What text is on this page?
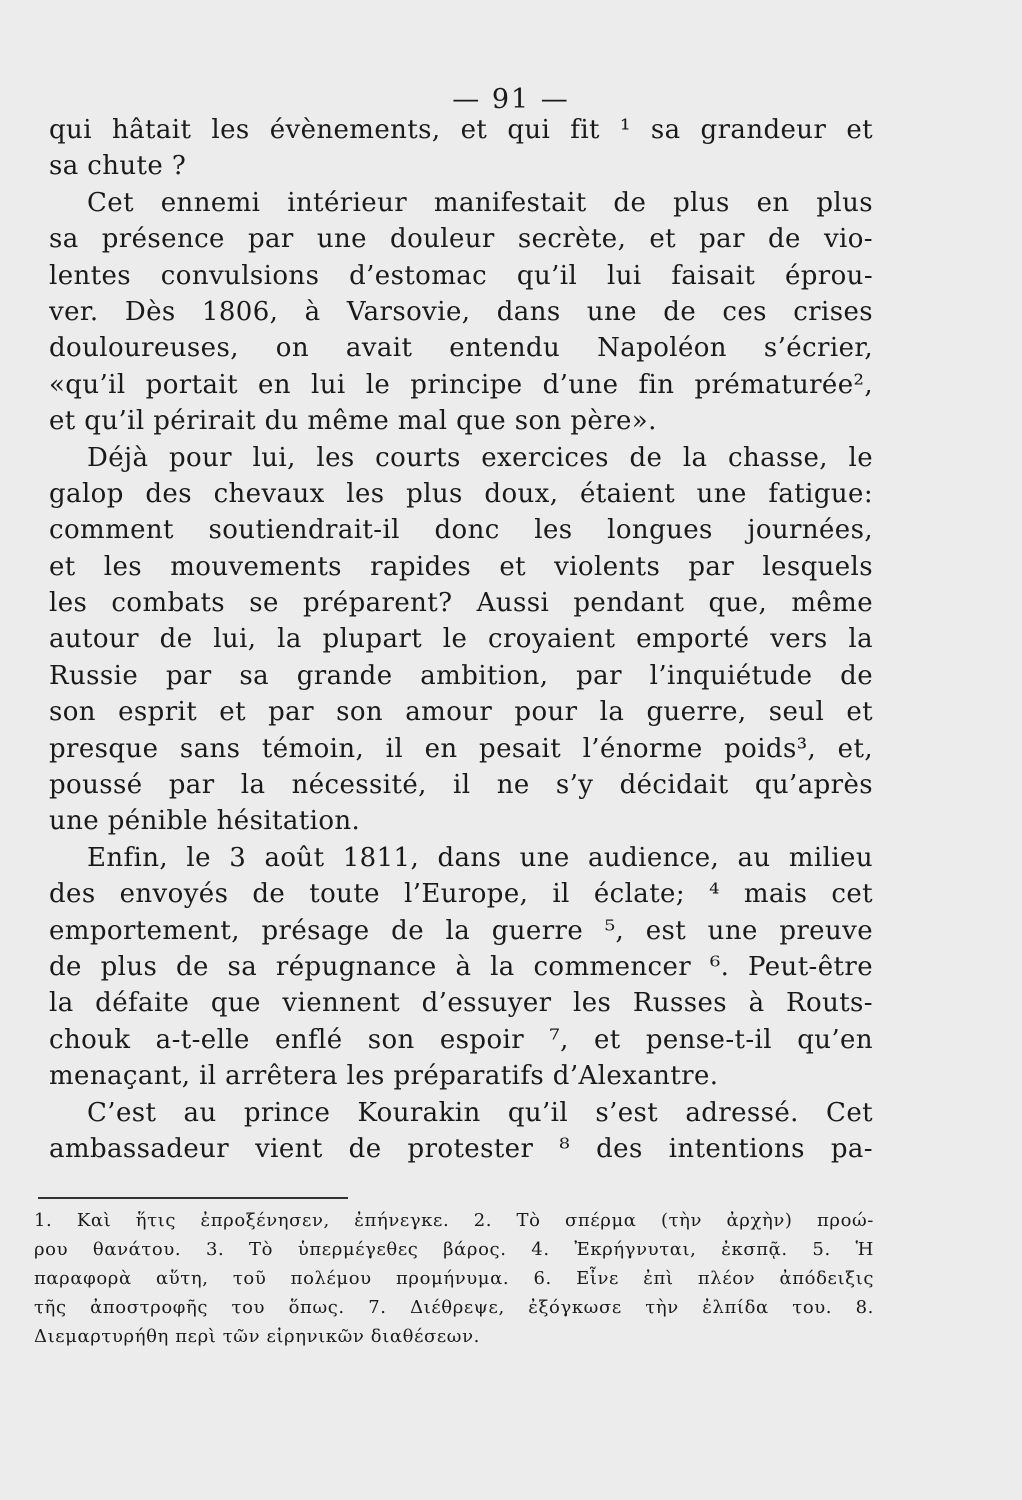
— 91 —
qui hâtait les évènements, et qui fit ¹ sa grandeur et
sa chute ?
Cet ennemi intérieur manifestait de plus en plus
sa présence par une douleur secrète, et par de vio-
lentes convulsions d’estomac qu’il lui faisait éprou-
ver. Dès 1806, à Varsovie, dans une de ces crises
douloureuses, on avait entendu Napoléon s’écrier,
«qu’il portait en lui le principe d’une fin prématurée²,
et qu’il périrait du même mal que son père».
Déjà pour lui, les courts exercices de la chasse, le
galop des chevaux les plus doux, étaient une fatigue:
comment soutiendrait-il donc les longues journées,
et les mouvements rapides et violents par lesquels
les combats se préparent? Aussi pendant que, même
autour de lui, la plupart le croyaient emporté vers la
Russie par sa grande ambition, par l’inquiétude de
son esprit et par son amour pour la guerre, seul et
presque sans témoin, il en pesait l’énorme poids³, et,
poussé par la nécessité, il ne s’y décidait qu’après
une pénible hésitation.
Enfin, le 3 août 1811, dans une audience, au milieu
des envoyés de toute l’Europe, il éclate; ⁴ mais cet
emportement, présage de la guerre ⁵, est une preuve
de plus de sa répugnance à la commencer ⁶. Peut-être
la défaite que viennent d’essuyer les Russes à Routs-
chouk a-t-elle enflé son espoir ⁷, et pense-t-il qu’en
menaçant, il arrêtera les préparatifs d’Alexantre.
C’est au prince Kourakin qu’il s’est adressé. Cet
ambassadeur vient de protester ⁸ des intentions pa-
1. Καὶ ἥτις ἐπροξένησεν, ἐπήνεγκε. 2. Τὸ σπέρμα (τὴν ἀρχὴν) προώ-
ρου θανάτου. 3. Τὸ ὑπερμέγεθες βάρος. 4. Ἐκρήγνυται, ἐκσπᾷ. 5. Ἡ
παραφορὰ αὕτη, τοῦ πολέμου προμήνυμα. 6. Εἶνε ἐπὶ πλέον ἀπόδειξις
τῆς ἀποστροφῆς του ὅπως. 7. Διέθρεψε, ἐξόγκωσε τὴν ἐλπίδα του. 8.
Διεμαρτυρήθη περὶ τῶν εἰρηνικῶν διαθέσεων.
